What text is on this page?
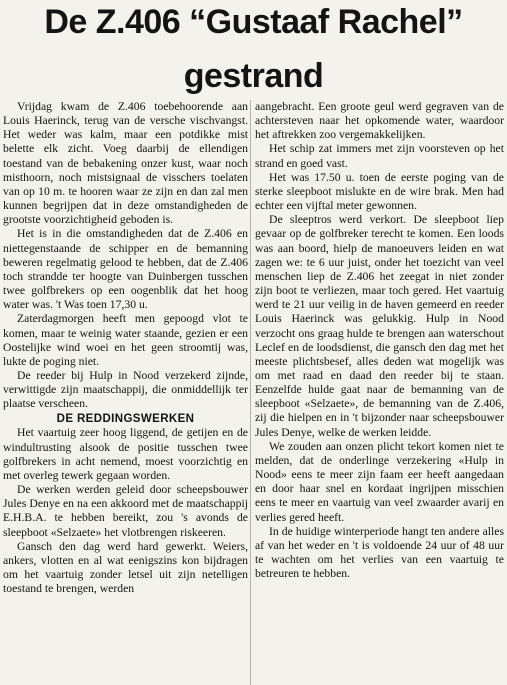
De Z.406 “Gustaaf Rachel”
gestrand

Vrijdag kwam de Z.406 toebehoorende aan Louis Haerinck, terug van de versche vischvangst. Het weder was kalm, maar een potdikke mist belette elk zicht. Voeg daarbij de ellendigen toestand van de bebakening onzer kust, waar noch misthoorn, noch mistsignaal de visschers toelaten van op 10 m. te hooren waar ze zijn en dan zal men kunnen begrijpen dat in deze omstandigheden de grootste voorzichtigheid geboden is.

Het is in die omstandigheden dat de Z.406 en niettegenstaande de schipper en de bemanning beweren regelmatig gelood te hebben, dat de Z.406 toch strandde ter hoogte van Duinbergen tusschen twee golfbrekers op een oogenblik dat het hoog water was. 't Was toen 17,30 u.

Zaterdagmorgen heeft men gepoogd vlot te komen, maar te weinig water staande, gezien er een Oostelijke wind woei en het geen stroomtij was, lukte de poging niet.

De reeder bij Hulp in Nood verzekerd zijnde, verwittigde zijn maatschappij, die onmiddellijk ter plaatse verscheen.

DE REDDINGSWERKEN

Het vaartuig zeer hoog liggend, de getijen en de windultrusting alsook de positie tusschen twee golfbrekers in acht nemend, moest voorzichtig en met overleg tewerk gegaan worden.

De werken werden geleid door scheepsbouwer Jules Denye en na een akkoord met de maatschappij E.H.B.A. te hebben bereikt, zou 's avonds de sleepboot «Selzaete» het vlotbrengen riskeeren.

Gansch den dag werd hard gewerkt. Weiers, ankers, vlotten en al wat eenigszins kon bijdragen om het vaartuig zonder letsel uit zijn netelligen toestand te brengen, werden

aangebracht. Een groote geul werd gegraven van de achtersteven naar het opkomende water, waardoor het aftrekken zoo vergemakkelijken.

Het schip zat immers met zijn voorsteven op het strand en goed vast.

Het was 17.50 u. toen de eerste poging van de sterke sleepboot mislukte en de wire brak. Men had echter een vijftal meter gewonnen.

De sleeptros werd verkort. De sleepboot liep gevaar op de golfbreker terecht te komen. Een loods was aan boord, hielp de manoeuvers leiden en wat zagen we: te 6 uur juist, onder het toezicht van veel menschen liep de Z.406 het zeegat in niet zonder zijn boot te verliezen, maar toch gered. Het vaartuig werd te 21 uur veilig in de haven gemeerd en reeder Louis Haerinck was gelukkig. Hulp in Nood verzocht ons graag hulde te brengen aan waterschout Leclef en de loodsdienst, die gansch den dag met het meeste plichtsbesef, alles deden wat mogelijk was om met raad en daad den reeder bij te staan. Eenzelfde hulde gaat naar de bemanning van de sleepboot «Selzaete», de bemanning van de Z.406, zij die hielpen en in 't bijzonder naar scheepsbouwer Jules Denye, welke de werken leidde.

We zouden aan onzen plicht tekort komen niet te melden, dat de onderlinge verzekering «Hulp in Nood» eens te meer zijn faam eer heeft aangedaan en door haar snel en kordaat ingrijpen misschien eens te meer en vaartuig van veel zwaarder avarij en verlies gered heeft.

In de huidige winterperiode hangt ten andere alles af van het weder en 't is voldoende 24 uur of 48 uur te wachten om het verlies van een vaartuig te betreuren te hebben.
